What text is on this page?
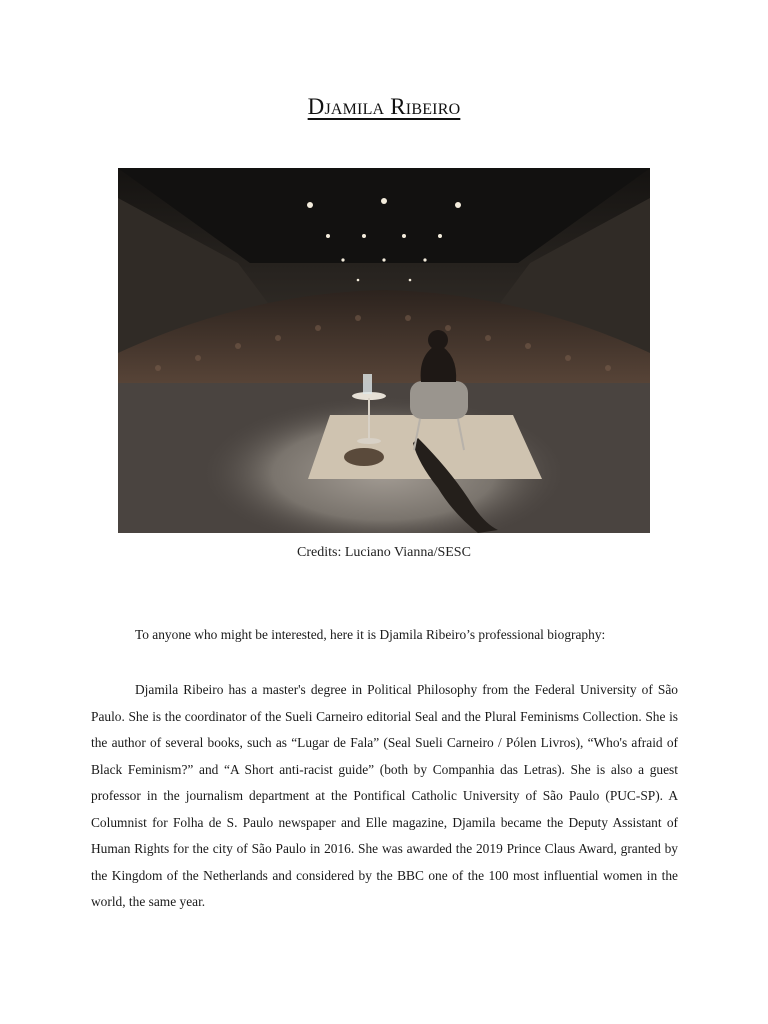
Djamila Ribeiro
Credits: Luciano Vianna/SESC

To anyone who might be interested, here it is Djamila Ribeiro’s professional biography:

Djamila Ribeiro has a master's degree in Political Philosophy from the Federal University of São Paulo. She is the coordinator of the Sueli Carneiro editorial Seal and the Plural Feminisms Collection. She is the author of several books, such as “Lugar de Fala” (Seal Sueli Carneiro / Pólen Livros), “Who's afraid of Black Feminism?” and “A Short anti-racist guide” (both by Companhia das Letras). She is also a guest professor in the journalism department at the Pontifical Catholic University of São Paulo (PUC-SP). A Columnist for Folha de S. Paulo newspaper and Elle magazine, Djamila became the Deputy Assistant of Human Rights for the city of São Paulo in 2016. She was awarded the 2019 Prince Claus Award, granted by the Kingdom of the Netherlands and considered by the BBC one of the 100 most influential women in the world, the same year.
